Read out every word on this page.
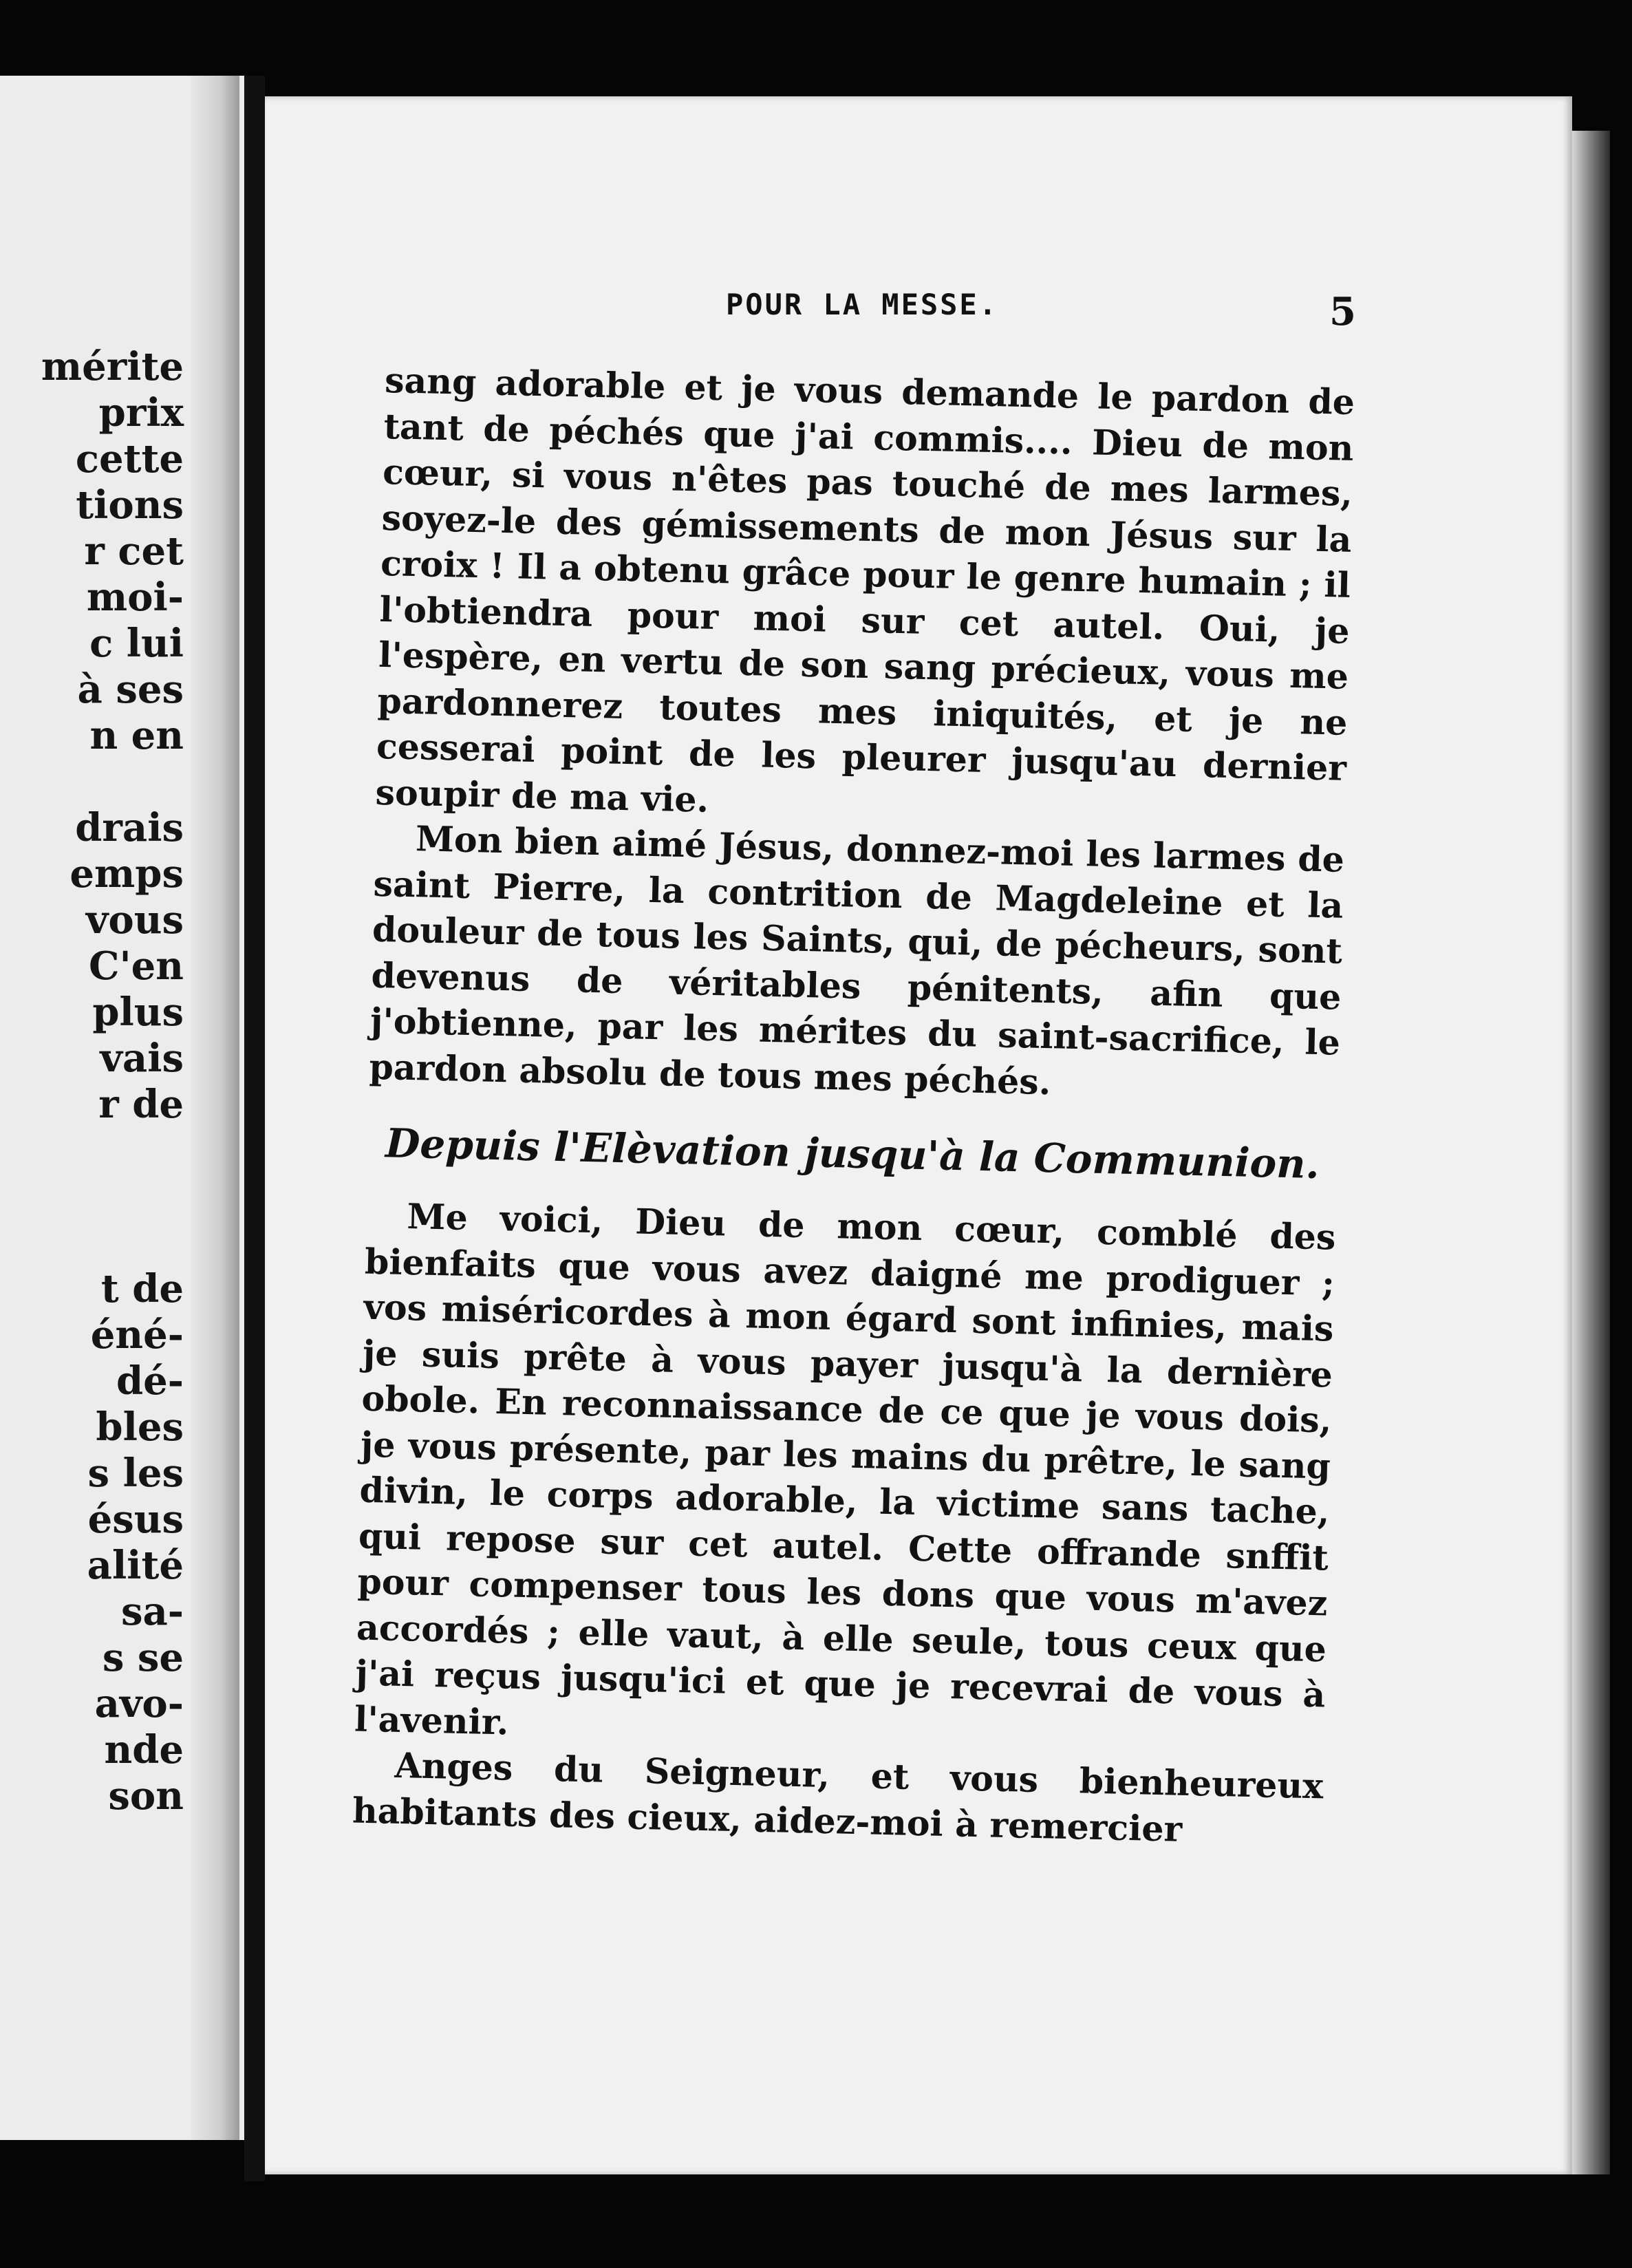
mérite
prix
cette
tions
r cet
moi-
c lui
à ses
n en
drais
emps
vous
C'en
plus
vais
r de
t de
éné-
dé-
bles
s les
ésus
alité
sa-
s se
avo-
nde
son
POUR LA MESSE.	5

sang adorable et je vous demande le pardon de tant de péchés que j'ai commis.... Dieu de mon cœur, si vous n'êtes pas touché de mes larmes, soyez-le des gémissements de mon Jésus sur la croix ! Il a obtenu grâce pour le genre humain ; il l'obtiendra pour moi sur cet autel. Oui, je l'espère, en vertu de son sang précieux, vous me pardonnerez toutes mes iniquités, et je ne cesserai point de les pleurer jusqu'au dernier soupir de ma vie.

Mon bien aimé Jésus, donnez-moi les larmes de saint Pierre, la contrition de Magdeleine et la douleur de tous les Saints, qui, de pécheurs, sont devenus de véritables pénitents, afin que j'obtienne, par les mérites du saint-sacrifice, le pardon absolu de tous mes péchés.

Depuis l'Elèvation jusqu'à la Communion.

Me voici, Dieu de mon cœur, comblé des bienfaits que vous avez daigné me prodiguer ; vos miséricordes à mon égard sont infinies, mais je suis prête à vous payer jusqu'à la dernière obole. En reconnaissance de ce que je vous dois, je vous présente, par les mains du prêtre, le sang divin, le corps adorable, la victime sans tache, qui repose sur cet autel. Cette offrande snffit pour compenser tous les dons que vous m'avez accordés ; elle vaut, à elle seule, tous ceux que j'ai reçus jusqu'ici et que je recevrai de vous à l'avenir.

Anges du Seigneur, et vous bienheureux habitants des cieux, aidez-moi à remercier
